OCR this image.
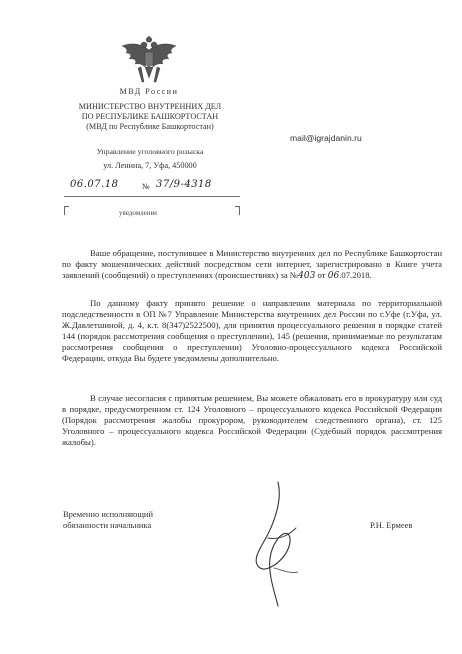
МВД России
МИНИСТЕРСТВО ВНУТРЕННИХ ДЕЛ
ПО РЕСПУБЛИКЕ БАШКОРТОСТАН
(МВД по Республике Башкортостан)
Управление уголовного розыска
ул. Ленина, 7, Уфа, 450000
06.07.18	№ 37/9-4318
уведомление
mail@igrajdanin.ru

Ваше обращение, поступившее в Министерство внутренних дел по Республике Башкортостан по факту мошеннических действий посредством сети интернет, зарегистрировано в Книге учета заявлений (сообщений) о преступлениях (происшествиях) за №403 от 06.07.2018.

По данному факту принято решение о направлении материала по территориальной подследственности в ОП №7 Управление Министерства внутренних дел России по г.Уфе (г.Уфа, ул. Ж.Давлетшиной, д. 4, к.т. 8(347)2522500), для принятия процессуального решения в порядке статей 144 (порядок рассмотрения сообщения о преступлении), 145 (решения, принимаемые по результатам рассмотрения сообщения о преступлении) Уголовно-процессуального кодекса Российской Федерации, откуда Вы будете уведомлены дополнительно.

В случае несогласия с принятым решением, Вы можете обжаловать его в прокуратуру или суд в порядке, предусмотренном ст. 124 Уголовного – процессуального кодекса Российской Федерации (Порядок рассмотрения жалобы прокурором, руководителем следственного органа), ст. 125 Уголовного – процессуального кодекса Российской Федерации (Судебный порядок рассмотрения жалобы).

Временно исполняющий
обязанности начальника	Р.Н. Ермеев
